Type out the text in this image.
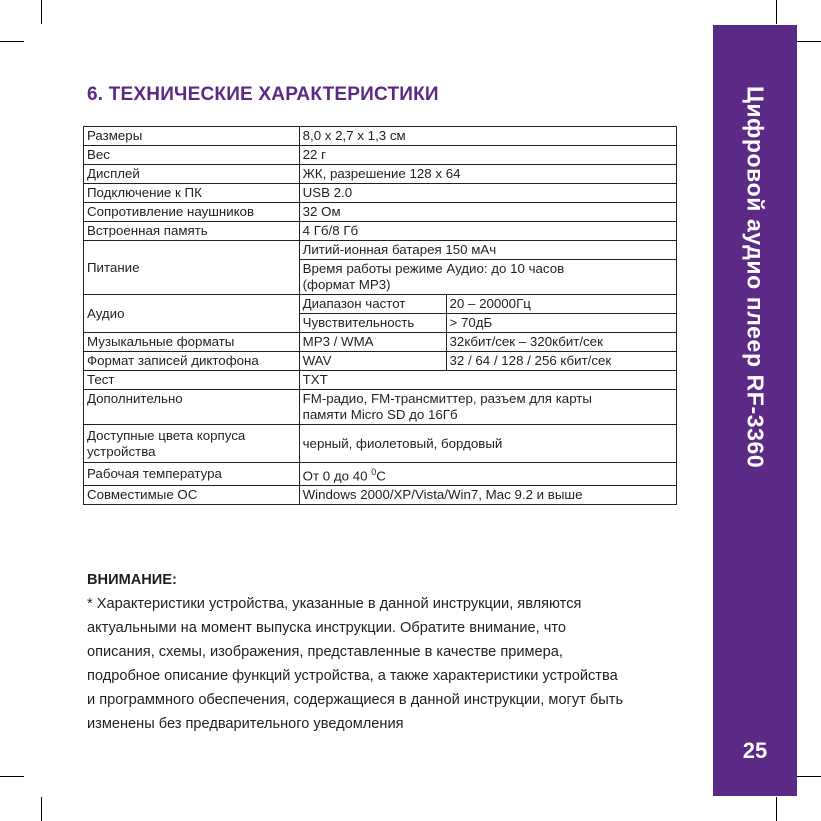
Цифровой аудио плеер RF-3360
25
6. ТЕХНИЧЕСКИЕ ХАРАКТЕРИСТИКИ
Размеры	8,0 x 2,7 x 1,3 см	
Вес	22 г	
Дисплей	ЖК, разрешение 128 x 64	
Подключение к ПК	USB 2.0	
Сопротивление наушников	32 Ом	
Встроенная память	4 Гб/8 Гб	
Питание	Литий-ионная батарея 150 мАч	
	Время работы режиме Аудио: до 10 часов
(формат MP3)	
Аудио	Диапазон частот	20 – 20000Гц
	Чувствительность	> 70дБ
Музыкальные форматы	MP3 / WMA	32кбит/сек – 320кбит/сек
Формат записей диктофона	WAV	32 / 64 / 128 / 256 кбит/сек
Тест	TXT	
Дополнительно	FM-радио, FM-трансмиттер, разъем для карты
памяти Micro SD до 16Гб	
Доступные цвета корпуса
устройства	черный, фиолетовый, бордовый	
Рабочая температура	От 0 до 40 $^0$C	
Совместимые ОС	Windows 2000/XP/Vista/Win7, Mac 9.2 и выше	
ВНИМАНИЕ:
* Характеристики устройства, указанные в данной инструкции, являются
актуальными на момент выпуска инструкции. Обратите внимание, что
описания, схемы, изображения, представленные в качестве примера,
подробное описание функций устройства, а также характеристики устройства
и программного обеспечения, содержащиеся в данной инструкции, могут быть
изменены без предварительного уведомления
